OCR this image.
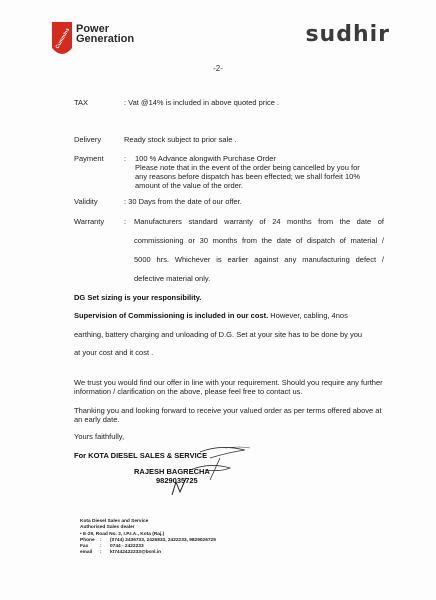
Cummins Power
Generation	sudhir
-2-
TAX	: Vat @14% is included in above quoted price .
Delivery	Ready stock subject to prior sale .
Payment	: 100 % Advance alongwith Purchase Order
Please note that in the event of the order being cancelled by you for any reasons before dispatch has been effected; we shall forfeit 10% amount of the value of the order.
Validity	: 30 Days from the date of our offer.
Warranty	: Manufacturers standard warranty of 24 months from the date of
commissioning or 30 months from the date of dispatch of material /
5000 hrs. Whichever is earlier against any manufacturing defect /
defective material only.
DG Set sizing is your responsibility.
Supervision of Commissioning is included in our cost. However, cabling, 4nos
earthing, battery charging and unloading of D.G. Set at your site has to be done by you
at your cost and it cost .
We trust you would find our offer in line with your requirement. Should you require any further information / clarification on the above, please feel free to contact us.
Thanking you and looking forward to receive your valued order as per terms offered above at an early date.
Yours faithfully,
For KOTA DIESEL SALES & SERVICE
RAJESH BAGRECHA
9829035725
Kota Diesel Sales and Service
Authorised Sales dealer
• E-29, Road No. 2, I.P.I.A., Kota (Raj.)
Phone : (0744) 2436733, 2425833, 2422233, 9829026725
Fax : 0744 - 2422233
email : kt7442422233@bsnl.in
